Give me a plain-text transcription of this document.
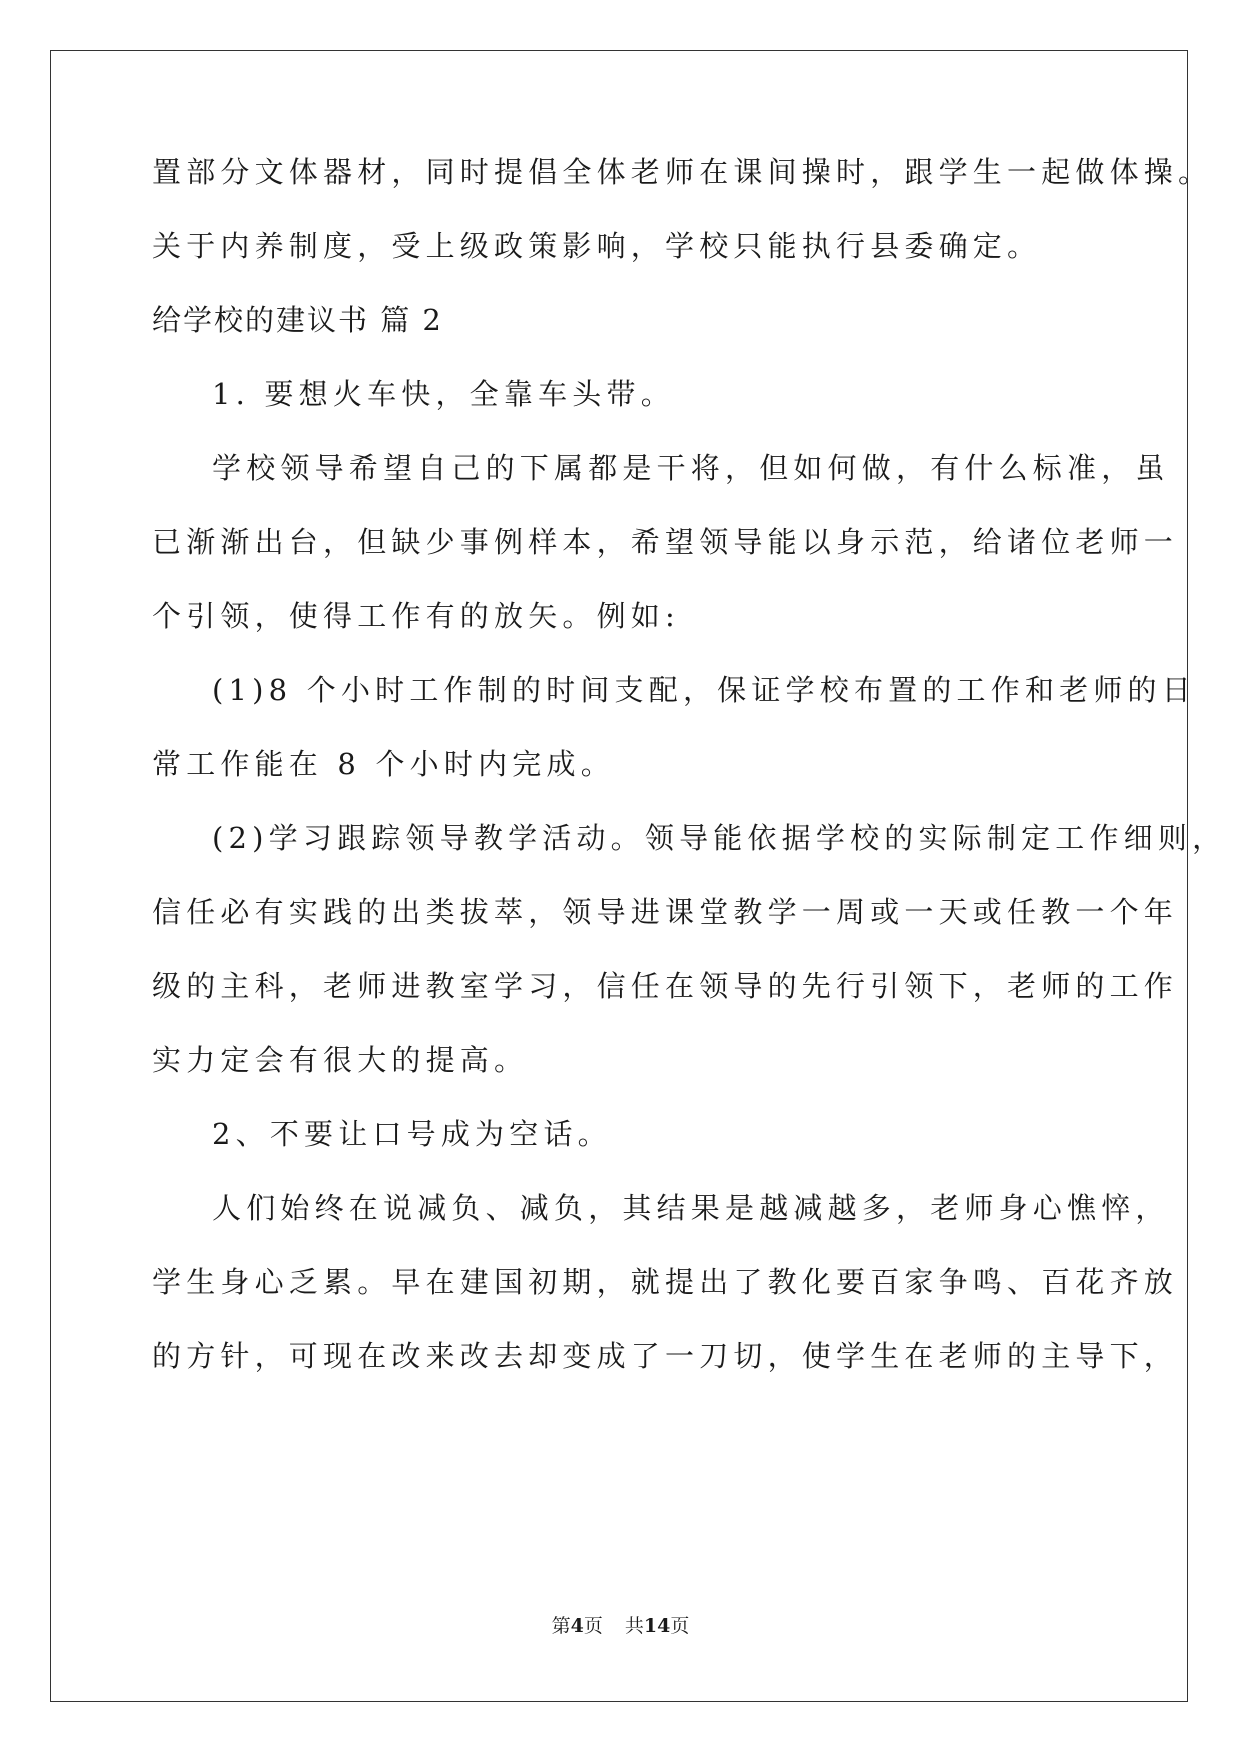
置部分文体器材，同时提倡全体老师在课间操时，跟学生一起做体操。
关于内养制度，受上级政策影响，学校只能执行县委确定。
给学校的建议书 篇 2
1. 要想火车快，全靠车头带。
学校领导希望自己的下属都是干将，但如何做，有什么标准，虽
已渐渐出台，但缺少事例样本，希望领导能以身示范，给诸位老师一
个引领，使得工作有的放矢。例如:
(1)8 个小时工作制的时间支配，保证学校布置的工作和老师的日
常工作能在 8 个小时内完成。
(2)学习跟踪领导教学活动。领导能依据学校的实际制定工作细则，
信任必有实践的出类拔萃，领导进课堂教学一周或一天或任教一个年
级的主科，老师进教室学习，信任在领导的先行引领下，老师的工作
实力定会有很大的提高。
2、不要让口号成为空话。
人们始终在说减负、减负，其结果是越减越多，老师身心憔悴，
学生身心乏累。早在建国初期，就提出了教化要百家争鸣、百花齐放
的方针，可现在改来改去却变成了一刀切，使学生在老师的主导下，
第4页 共14页
